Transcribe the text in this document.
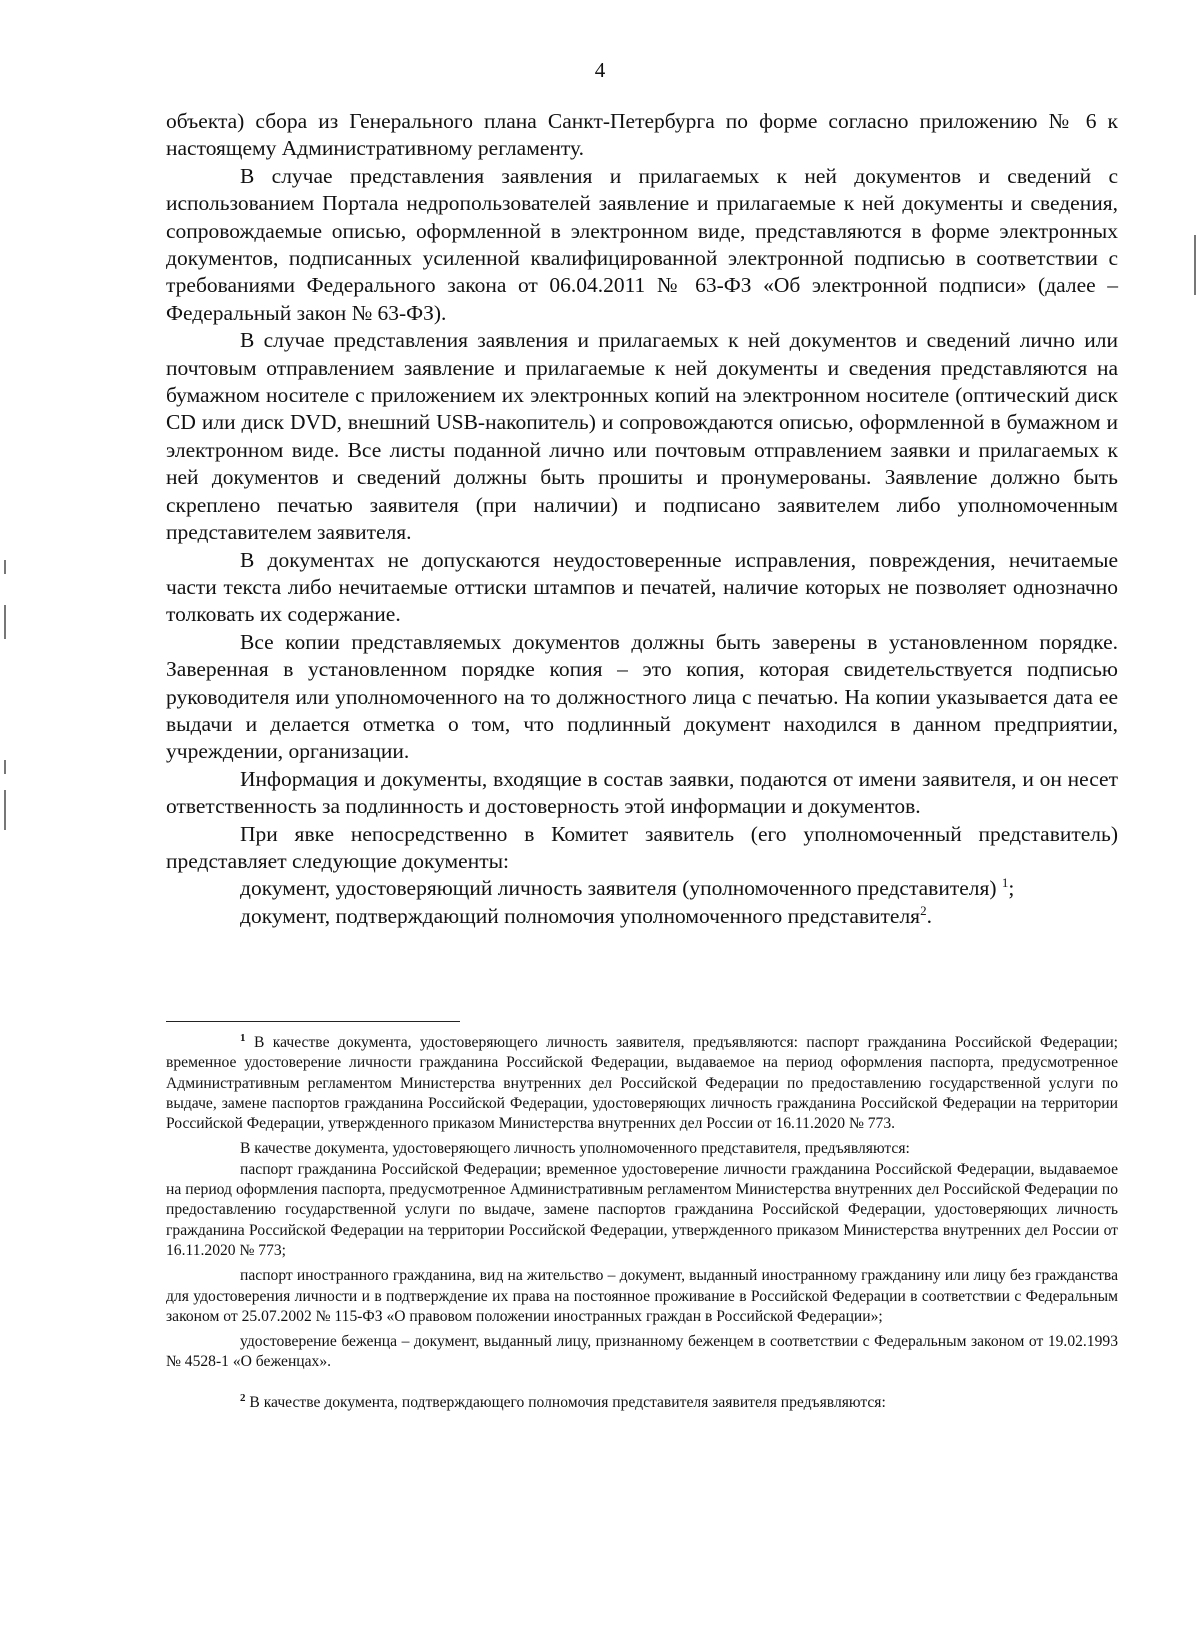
4

объекта) сбора из Генерального плана Санкт-Петербурга по форме согласно приложению № 6 к настоящему Административному регламенту.

В случае представления заявления и прилагаемых к ней документов и сведений с использованием Портала недропользователей заявление и прилагаемые к ней документы и сведения, сопровождаемые описью, оформленной в электронном виде, представляются в форме электронных документов, подписанных усиленной квалифицированной электронной подписью в соответствии с требованиями Федерального закона от 06.04.2011 № 63-ФЗ «Об электронной подписи» (далее – Федеральный закон № 63-ФЗ).

В случае представления заявления и прилагаемых к ней документов и сведений лично или почтовым отправлением заявление и прилагаемые к ней документы и сведения представляются на бумажном носителе с приложением их электронных копий на электронном носителе (оптический диск CD или диск DVD, внешний USB-накопитель) и сопровождаются описью, оформленной в бумажном и электронном виде. Все листы поданной лично или почтовым отправлением заявки и прилагаемых к ней документов и сведений должны быть прошиты и пронумерованы. Заявление должно быть скреплено печатью заявителя (при наличии) и подписано заявителем либо уполномоченным представителем заявителя.

В документах не допускаются неудостоверенные исправления, повреждения, нечитаемые части текста либо нечитаемые оттиски штампов и печатей, наличие которых не позволяет однозначно толковать их содержание.

Все копии представляемых документов должны быть заверены в установленном порядке. Заверенная в установленном порядке копия – это копия, которая свидетельствуется подписью руководителя или уполномоченного на то должностного лица с печатью. На копии указывается дата ее выдачи и делается отметка о том, что подлинный документ находился в данном предприятии, учреждении, организации.

Информация и документы, входящие в состав заявки, подаются от имени заявителя, и он несет ответственность за подлинность и достоверность этой информации и документов.

При явке непосредственно в Комитет заявитель (его уполномоченный представитель) представляет следующие документы:

документ, удостоверяющий личность заявителя (уполномоченного представителя) $^1$;

документ, подтверждающий полномочия уполномоченного представителя$^2$.

$^1$ В качестве документа, удостоверяющего личность заявителя, предъявляются: паспорт гражданина Российской Федерации; временное удостоверение личности гражданина Российской Федерации, выдаваемое на период оформления паспорта, предусмотренное Административным регламентом Министерства внутренних дел Российской Федерации по предоставлению государственной услуги по выдаче, замене паспортов гражданина Российской Федерации, удостоверяющих личность гражданина Российской Федерации на территории Российской Федерации, утвержденного приказом Министерства внутренних дел России от 16.11.2020 № 773.

В качестве документа, удостоверяющего личность уполномоченного представителя, предъявляются:

паспорт гражданина Российской Федерации; временное удостоверение личности гражданина Российской Федерации, выдаваемое на период оформления паспорта, предусмотренное Административным регламентом Министерства внутренних дел Российской Федерации по предоставлению государственной услуги по выдаче, замене паспортов гражданина Российской Федерации, удостоверяющих личность гражданина Российской Федерации на территории Российской Федерации, утвержденного приказом Министерства внутренних дел России от 16.11.2020 № 773;

паспорт иностранного гражданина, вид на жительство – документ, выданный иностранному гражданину или лицу без гражданства для удостоверения личности и в подтверждение их права на постоянное проживание в Российской Федерации в соответствии с Федеральным законом от 25.07.2002 № 115-ФЗ «О правовом положении иностранных граждан в Российской Федерации»;

удостоверение беженца – документ, выданный лицу, признанному беженцем в соответствии с Федеральным законом от 19.02.1993 № 4528-1 «О беженцах».

$^2$ В качестве документа, подтверждающего полномочия представителя заявителя предъявляются:
